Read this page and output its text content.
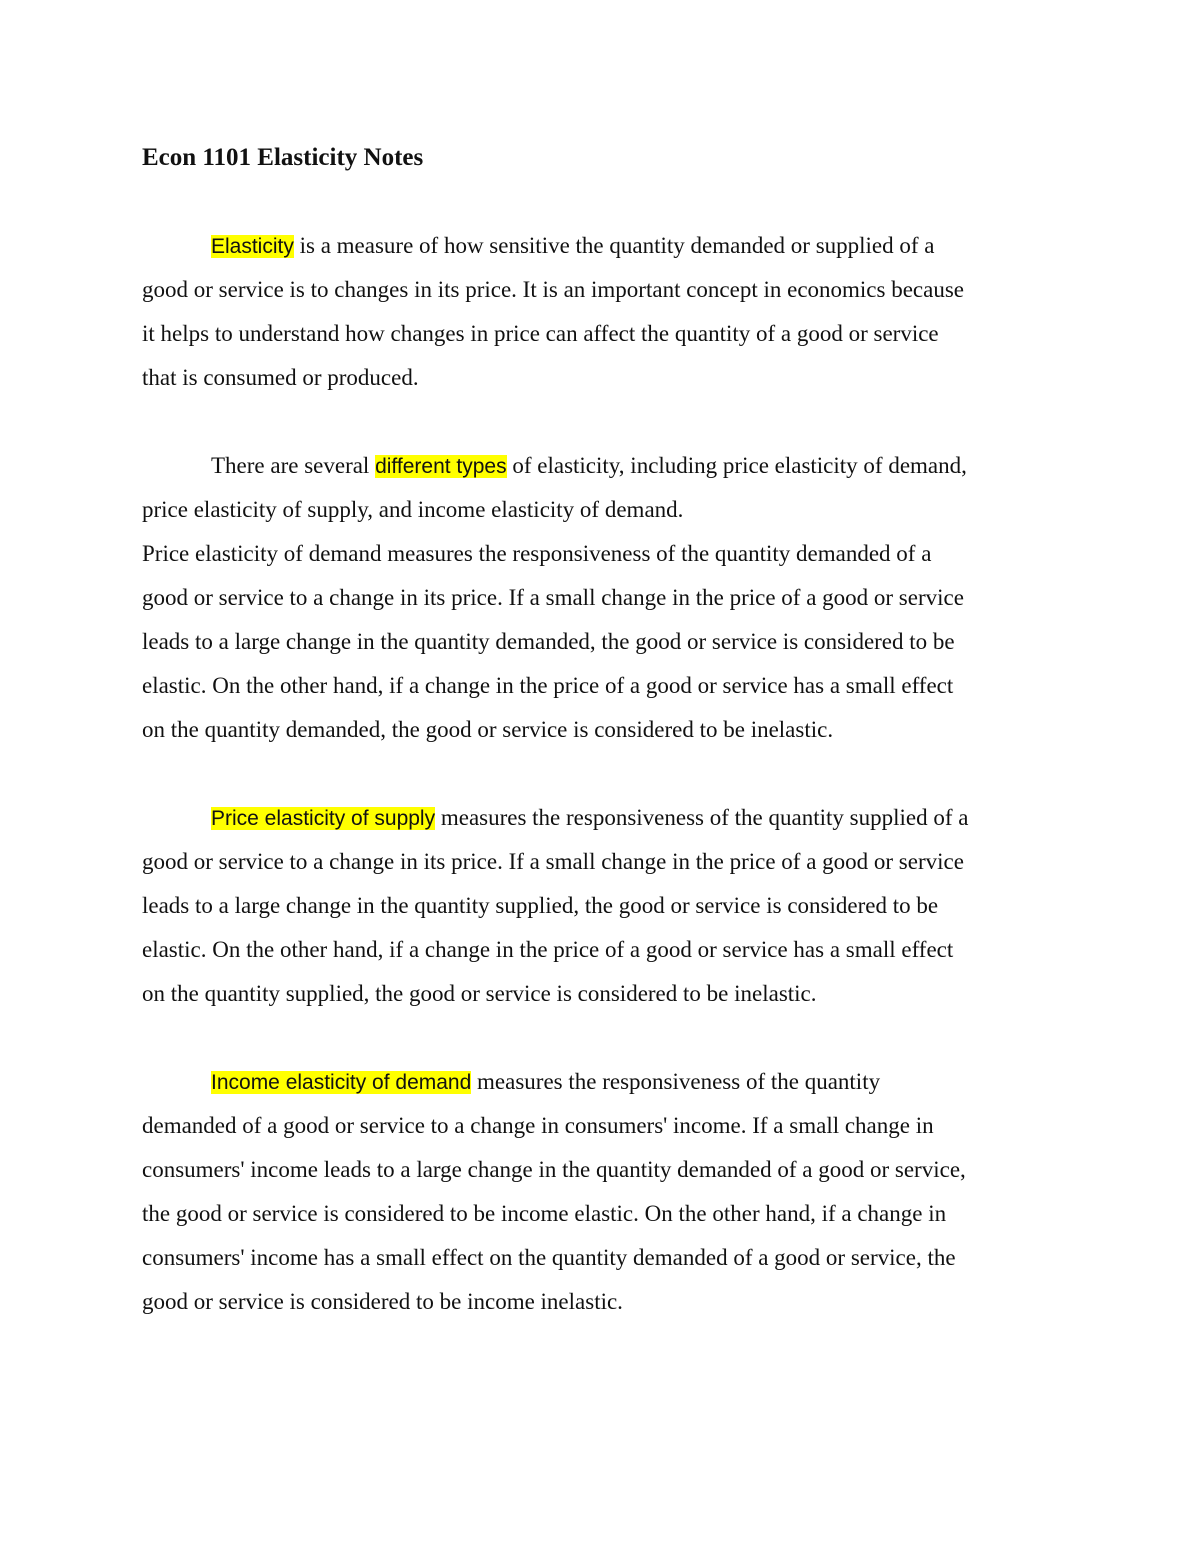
Econ 1101 Elasticity Notes
Elasticity is a measure of how sensitive the quantity demanded or supplied of a
good or service is to changes in its price. It is an important concept in economics because
it helps to understand how changes in price can affect the quantity of a good or service
that is consumed or produced.
There are several different types of elasticity, including price elasticity of demand,
price elasticity of supply, and income elasticity of demand.
Price elasticity of demand measures the responsiveness of the quantity demanded of a
good or service to a change in its price. If a small change in the price of a good or service
leads to a large change in the quantity demanded, the good or service is considered to be
elastic. On the other hand, if a change in the price of a good or service has a small effect
on the quantity demanded, the good or service is considered to be inelastic.
Price elasticity of supply measures the responsiveness of the quantity supplied of a
good or service to a change in its price. If a small change in the price of a good or service
leads to a large change in the quantity supplied, the good or service is considered to be
elastic. On the other hand, if a change in the price of a good or service has a small effect
on the quantity supplied, the good or service is considered to be inelastic.
Income elasticity of demand measures the responsiveness of the quantity
demanded of a good or service to a change in consumers' income. If a small change in
consumers' income leads to a large change in the quantity demanded of a good or service,
the good or service is considered to be income elastic. On the other hand, if a change in
consumers' income has a small effect on the quantity demanded of a good or service, the
good or service is considered to be income inelastic.
